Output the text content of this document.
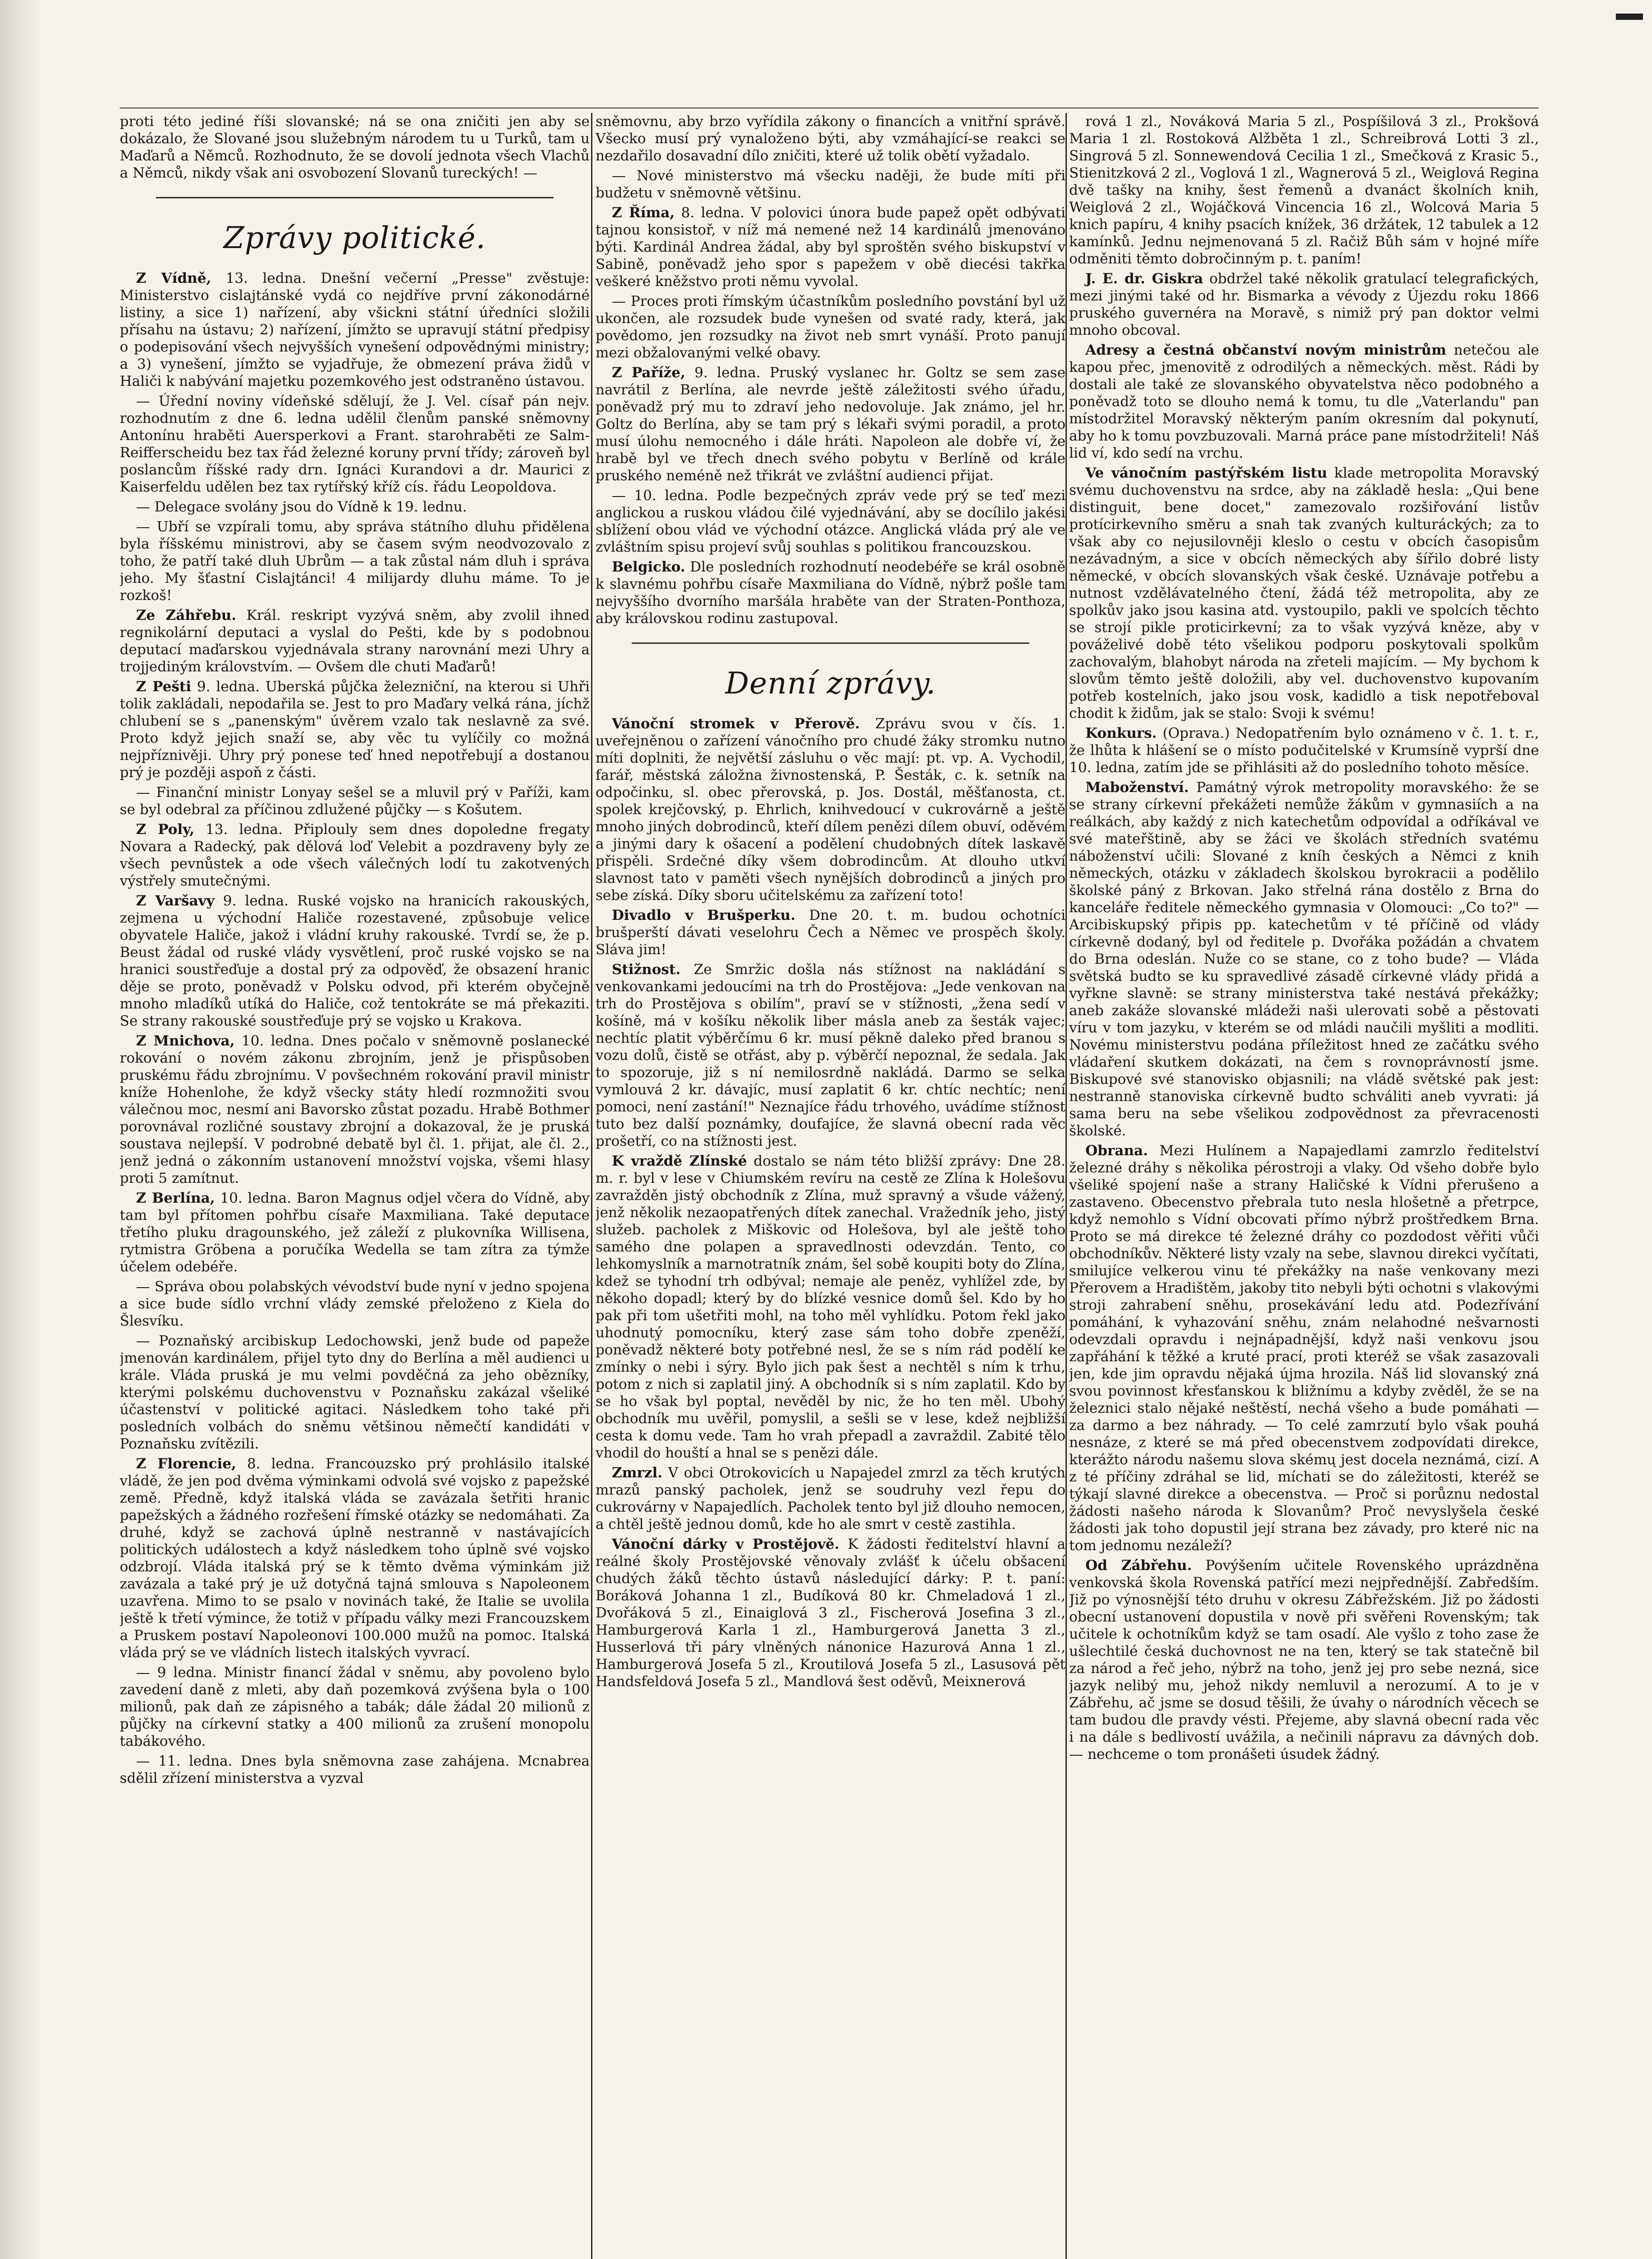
proti této jediné říši slovanské; ná se ona zničiti jen aby se dokázalo, že Slované jsou služebným národem tu u Turků, tam u Maďarů a Němců. Rozhodnuto, že se dovolí jednota všech Vlachů a Němců, nikdy však ani osvobození Slovanů tureckých! —

Zprávy politické.

Z Vídně, 13. ledna. Dnešní večerní „Presse" zvěstuje: Ministerstvo cislajtánské vydá co nejdříve první zákonodárné listiny, a sice 1) nařízení, aby všickni státní úředníci složili přísahu na ústavu; 2) nařízení, jímžto se upravují státní předpisy o podepisování všech nejvyšších vynešení odpovědnými ministry; a 3) vynešení, jímžto se vyjadřuje, že obmezení práva židů v Haliči k nabývání majetku pozemkového jest odstraněno ústavou.

— Úřední noviny vídeňské sdělují, že J. Vel. císař pán nejv. rozhodnutím z dne 6. ledna udělil členům panské sněmovny Antonínu hraběti Auersperkovi a Frant. starohraběti ze Salm-Reifferscheidu bez tax řád železné koruny první třídy; zároveň byl poslancům říšské rady drn. Ignáci Kurandovi a dr. Maurici z Kaiserfeldu udělen bez tax rytířský kříž cís. řádu Leopoldova.

— Delegace svolány jsou do Vídně k 19. lednu.

— Ubří se vzpírali tomu, aby správa státního dluhu přidělena byla říšskému ministrovi, aby se časem svým neodvozovalo z toho, že patří také dluh Ubrům — a tak zůstal nám dluh i správa jeho. My šťastní Cislajtánci! 4 milijardy dluhu máme. To je rozkoš!

Ze Záhřebu. Král. reskript vyzývá sněm, aby zvolil ihned regnikolární deputaci a vyslal do Pešti, kde by s podobnou deputací maďarskou vyjednávala strany narovnání mezi Uhry a trojjediným královstvím. — Ovšem dle chuti Maďarů!

Z Pešti 9. ledna. Uberská půjčka železniční, na kterou si Uhři tolik zakládali, nepodařila se. Jest to pro Maďary velká rána, jíchž chlubení se s „panenským" úvěrem vzalo tak neslavně za své. Proto když jejich snaží se, aby věc tu vylíčily co možná nejpříznivěji. Uhry prý ponese teď hned nepotřebují a dostanou prý je později aspoň z části.

— Finanční ministr Lonyay sešel se a mluvil prý v Paříži, kam se byl odebral za příčinou zdlužené půjčky — s Košutem.

Z Poly, 13. ledna. Připlouly sem dnes dopoledne fregaty Novara a Radecký, pak dělová loď Velebit a pozdraveny byly ze všech pevnůstek a ode všech válečných lodí tu zakotvených výstřely smutečnými.

Z Varšavy 9. ledna. Ruské vojsko na hranicích rakouských, zejmena u východní Haliče rozestavené, způsobuje velice obyvatele Haliče, jakož i vládní kruhy rakouské. Tvrdí se, že p. Beust žádal od ruské vlády vysvětlení, proč ruské vojsko se na hranici soustřeďuje a dostal prý za odpověď, že obsazení hranic děje se proto, poněvadž v Polsku odvod, při kterém obyčejně mnoho mladíků utíká do Haliče, což tentokráte se má překaziti. Se strany rakouské soustřeďuje prý se vojsko u Krakova.

Z Mnichova, 10. ledna. Dnes počalo v sněmovně poslanecké rokování o novém zákonu zbrojním, jenž je přispůsoben pruskému řádu zbrojnímu. V povšechném rokování pravil ministr kníže Hohenlohe, že když všecky státy hledí rozmnožiti svou válečnou moc, nesmí ani Bavorsko zůstat pozadu. Hrabě Bothmer porovnával rozličné soustavy zbrojní a dokazoval, že je pruská soustava nejlepší. V podrobné debatě byl čl. 1. přijat, ale čl. 2., jenž jedná o zákonním ustanovení množství vojska, všemi hlasy proti 5 zamítnut.

Z Berlína, 10. ledna. Baron Magnus odjel včera do Vídně, aby tam byl přítomen pohřbu císaře Maxmiliana. Také deputace třetího pluku dragounského, jež záleží z plukovníka Willisena, rytmistra Gröbena a poručíka Wedella se tam zítra za týmže účelem odebéře.

— Správa obou polabských vévodství bude nyní v jedno spojena a sice bude sídlo vrchní vlády zemské přeloženo z Kiela do Šlesvíku.

— Poznaňský arcibiskup Ledochowski, jenž bude od papeže jmenován kardinálem, přijel tyto dny do Berlína a měl audienci u krále. Vláda pruská je mu velmi povděčná za jeho obězníky, kterými polskému duchovenstvu v Poznaňsku zakázal všeliké účastenství v politické agitaci. Následkem toho také při posledních volbách do sněmu většinou němečtí kandidáti v Poznaňsku zvítězili.

Z Florencie, 8. ledna. Francouzsko prý prohlásilo italské vládě, že jen pod dvěma výminkami odvolá své vojsko z papežské země. Předně, když italská vláda se zavázala šetřiti hranic papežských a žádného rozřešení římské otázky se nedomáhati. Za druhé, když se zachová úplně nestranně v nastávajících politických událostech a když následkem toho úplně své vojsko odzbrojí. Vláda italská prý se k těmto dvěma výminkám již zavázala a také prý je už dotyčná tajná smlouva s Napoleonem uzavřena. Mimo to se psalo v novinách také, že Italie se uvolila ještě k třetí výmince, že totiž v případu války mezi Francouzskem a Pruskem postaví Napoleonovi 100.000 mužů na pomoc. Italská vláda prý se ve vládních listech italských vyvrací.

— 9 ledna. Ministr financí žádal v sněmu, aby povoleno bylo zavedení daně z mleti, aby daň pozemková zvýšena byla o 100 milionů, pak daň ze zápisného a tabák; dále žádal 20 milionů z půjčky na církevní statky a 400 milionů za zrušení monopolu tabákového.

— 11. ledna. Dnes byla sněmovna zase zahájena. Mcnabrea sdělil zřízení ministerstva a vyzval

sněmovnu, aby brzo vyřídila zákony o financích a vnitřní správě. Všecko musí prý vynaloženo býti, aby vzmáhající-se reakci se nezdařilo dosavadní dílo zničiti, které už tolik obětí vyžadalo.

— Nové ministerstvo má všecku naději, že bude míti při budžetu v sněmovně většinu.

Z Říma, 8. ledna. V polovici února bude papež opět odbývati tajnou konsistoř, v níž má nemené než 14 kardinálů jmenováno býti. Kardinál Andrea žádal, aby byl sproštěn svého biskupství v Sabině, poněvadž jeho spor s papežem v obě diecési takřka veškeré kněžstvo proti němu vyvolal.

— Proces proti římským účastníkům posledního povstání byl už ukončen, ale rozsudek bude vynešen od svaté rady, která, jak povědomo, jen rozsudky na život neb smrt vynáší. Proto panují mezi obžalovanými velké obavy.

Z Paříže, 9. ledna. Pruský vyslanec hr. Goltz se sem zase navrátil z Berlína, ale nevrde ještě záležitosti svého úřadu, poněvadž prý mu to zdraví jeho nedovoluje. Jak známo, jel hr. Goltz do Berlína, aby se tam prý s lékaři svými poradil, a proto musí úlohu nemocného i dále hráti. Napoleon ale dobře ví, že hrabě byl ve třech dnech svého pobytu v Berlíně od krále pruského neméně než třikrát ve zvláštní audienci přijat.

— 10. ledna. Podle bezpečných zpráv vede prý se teď mezi anglickou a ruskou vládou čilé vyjednávání, aby se docílilo jakési sblížení obou vlád ve východní otázce. Anglická vláda prý ale ve zvláštním spisu projeví svůj souhlas s politikou francouzskou.

Belgicko. Dle posledních rozhodnutí neodebéře se král osobně k slavnému pohřbu císaře Maxmiliana do Vídně, nýbrž pošle tam nejvyššího dvorního maršála hraběte van der Straten-Ponthoza, aby královskou rodinu zastupoval.

Denní zprávy.

Vánoční stromek v Přerově. Zprávu svou v čís. 1. uveřejněnou o zařízení vánočního pro chudé žáky stromku nutno míti doplniti, že největší zásluhu o věc mají: pt. vp. A. Vychodil, farář, městská záložna živnostenská, P. Šesták, c. k. setník na odpočinku, sl. obec přerovská, p. Jos. Dostál, měšťanosta, ct. spolek krejčovský, p. Ehrlich, knihvedoucí v cukrovárně a ještě mnoho jiných dobrodinců, kteří dílem penězi dílem obuví, oděvém a jinými dary k ošacení a podělení chudobných dítek laskavě přispěli. Srdečné díky všem dobrodincům. At dlouho utkví slavnost tato v paměti všech nynějších dobrodinců a jiných pro sebe získá. Díky sboru učitelskému za zařízení toto!

Divadlo v Brušperku. Dne 20. t. m. budou ochotníci brušperští dávati veselohru Čech a Němec ve prospěch školy. Sláva jim!

Stižnost. Ze Smržic došla nás stížnost na nakládání s venkovankami jedoucími na trh do Prostějova: „Jede venkovan na trh do Prostějova s obilím", praví se v stížnosti, „žena sedí v košíně, má v košíku několik liber másla aneb za šesták vajec; nechtíc platit výběrčímu 6 kr. musí pěkně daleko před branou s vozu dolů, čistě se otřást, aby p. výběrčí nepoznal, že sedala. Jak to spozoruje, již s ní nemilosrdně nakládá. Darmo se selka vymlouvá 2 kr. dávajíc, musí zaplatit 6 kr. chtíc nechtíc; není pomoci, není zastání!" Neznajíce řádu trhového, uvádíme stížnost tuto bez další poznámky, doufajíce, že slavná obecní rada věc prošetří, co na stížnosti jest.

K vraždě Zlínské dostalo se nám této bližší zprávy: Dne 28. m. r. byl v lese v Chiumském revíru na cestě ze Zlína k Holešovu zavražděn jistý obchodník z Zlína, muž spravný a všude vážený, jenž několik nezaopatřených dítek zanechal. Vražedník jeho, jistý služeb. pacholek z Miškovic od Holešova, byl ale ještě toho samého dne polapen a spravedlnosti odevzdán. Tento, co lehkomyslník a marnotratník znám, šel sobě koupiti boty do Zlína, kdež se tyhodní trh odbýval; nemaje ale peněz, vyhlížel zde, by někoho dopadl; který by do blízké vesnice domů šel. Kdo by ho pak při tom ušetřiti mohl, na toho měl vyhlídku. Potom řekl jako uhodnutý pomocníku, který zase sám toho dobře zpeněží, poněvadž některé boty potřebné nesl, že se s ním rád podělí ke zmínky o nebi i sýry. Bylo jich pak šest a nechtěl s ním k trhu, potom z nich si zaplatil jiný. A obchodník si s ním zaplatil. Kdo by se ho však byl poptal, nevěděl by nic, že ho ten měl. Ubohý obchodník mu uvěřil, pomyslil, a sešli se v lese, kdež nejbližší cesta k domu vede. Tam ho vrah přepadl a zavraždil. Zabité tělo vhodil do houští a hnal se s penězi dále.

Zmrzl. V obci Otrokovicích u Napajedel zmrzl za těch krutých mrazů panský pacholek, jenž se soudruhy vezl řepu do cukrovárny v Napajedlích. Pacholek tento byl již dlouho nemocen, a chtěl ještě jednou domů, kde ho ale smrt v cestě zastihla.

Vánoční dárky v Prostějově. K žádosti ředitelství hlavní a reálné školy Prostějovské věnovaly zvlášť k účelu obšacení chudých žáků těchto ústavů následující dárky: P. t. paní: Boráková Johanna 1 zl., Budíková 80 kr. Chmeladová 1 zl., Dvořáková 5 zl., Einaiglová 3 zl., Fischerová Josefina 3 zl., Hamburgerová Karla 1 zl., Hamburgerová Janetta 3 zl., Husserlová tři páry vlněných nánonice Hazurová Anna 1 zl., Hamburgerová Josefa 5 zl., Kroutilová Josefa 5 zl., Lasusová pět Handsfeldová Josefa 5 zl., Mandlová šest oděvů, Meixnerová

rová 1 zl., Nováková Maria 5 zl., Pospíšilová 3 zl., Prokšová Maria 1 zl. Rostoková Alžběta 1 zl., Schreibrová Lotti 3 zl., Singrová 5 zl. Sonnewendová Cecilia 1 zl., Smečková z Krasic 5., Stienitzková 2 zl., Voglová 1 zl., Wagnerová 5 zl., Weiglová Regina dvě tašky na knihy, šest řemenů a dvanáct školních knih, Weiglová 2 zl., Wojáčková Vincencia 16 zl., Wolcová Maria 5 knich papíru, 4 knihy psacích knížek, 36 držátek, 12 tabulek a 12 kamínků. Jednu nejmenovaná 5 zl. Račiž Bůh sám v hojné míře odměniti těmto dobročinným p. t. paním!

J. E. dr. Giskra obdržel také několik gratulací telegrafických, mezi jinými také od hr. Bismarka a vévody z Újezdu roku 1866 pruského guvernéra na Moravě, s nimiž prý pan doktor velmi mnoho obcoval.

Adresy a čestná občanství novým ministrům netečou ale kapou přec, jmenovitě z odrodilých a německých. měst. Rádi by dostali ale také ze slovanského obyvatelstva něco podobného a poněvadž toto se dlouho nemá k tomu, tu dle „Vaterlandu" pan místodržitel Moravský některým paním okresním dal pokynutí, aby ho k tomu povzbuzovali. Marná práce pane místodržiteli! Náš lid ví, kdo sedí na vrchu.

Ve vánočním pastýřském listu klade metropolita Moravský svému duchovenstvu na srdce, aby na základě hesla: „Qui bene distinguit, bene docet," zamezovalo rozšiřování listův protícirkevního směru a snah tak zvaných kulturáckých; za to však aby co nejusilovněji kleslo o cestu v obcích časopisům nezávadným, a sice v obcích německých aby šířilo dobré listy německé, v obcích slovanských však české. Uznávaje potřebu a nutnost vzdělávatelného čtení, žádá též metropolita, aby ze spolkův jako jsou kasina atd. vystoupilo, pakli ve spolcích těchto se strojí pikle proticirkevní; za to však vyzývá kněze, aby v pováželivé době této všelikou podporu poskytovali spolkům zachovalým, blahobyt národa na zřeteli majícím. — My bychom k slovům těmto ještě doložili, aby vel. duchovenstvo kupovaním potřeb kostelních, jako jsou vosk, kadidlo a tisk nepotřeboval chodit k židům, jak se stalo: Svoji k svému!

Konkurs. (Oprava.) Nedopatřením bylo oznámeno v č. 1. t. r., že lhůta k hlášení se o místo podučitelské v Krumsíně vyprší dne 10. ledna, zatím jde se přihlásiti až do posledního tohoto měsíce.

Maboženství. Památný výrok metropolity moravského: že se se strany církevní překážeti nemůže žákům v gymnasiích a na reálkách, aby každý z nich katechetům odpovídal a odříkával ve své mateřštině, aby se žáci ve školách středních svatému náboženství učili: Slované z kníh českých a Němci z knih německých, otázku v základech školskou byrokracii a podělilo školské páný z Brkovan. Jako střelná rána dostělo z Brna do kanceláře ředitele německého gymnasia v Olomouci: „Co to?" — Arcibiskupský připis pp. katechetům v té příčině od vlády církevně dodaný, byl od ředitele p. Dvořáka požádán a chvatem do Brna odeslán. Nuže co se stane, co z toho bude? — Vláda světská budto se ku spravedlivé zásadě církevné vlády přidá a vyřkne slavně: se strany ministerstva také nestává překážky; aneb zakáže slovanské mládeži naši ulerovati sobě a pěstovati víru v tom jazyku, v kterém se od mládi naučili myšliti a modliti. Novému ministerstvu podána příležitost hned ze začátku svého vládaření skutkem dokázati, na čem s rovnoprávností jsme. Biskupové své stanovisko objasnili; na vládě světské pak jest: nestranně stanoviska církevně budto schváliti aneb vyvrati: já sama beru na sebe všelikou zodpovědnost za převracenosti školské.

Obrana. Mezi Hulínem a Napajedlami zamrzlo ředitelství železné dráhy s několika pérostroji a vlaky. Od všeho dobře bylo všeliké spojení naše a strany Haličské k Vídni přerušeno a zastaveno. Obecenstvo přebrala tuto nesla hlošetně a přetrpce, když nemohlo s Vídní obcovati přímo nýbrž proštředkem Brna. Proto se má direkce té železné dráhy co pozdodost věřiti vůči obchodníkův. Některé listy vzaly na sebe, slavnou direkci vyčítati, smilujíce velkerou vinu té překážky na naše venkovany mezi Přerovem a Hradištěm, jakoby tito nebyli býti ochotni s vlakovými stroji zahrabení sněhu, prosekávání ledu atd. Podezřívání pomáhání, k vyhazování sněhu, znám nelahodné nešvarnosti odevzdali opravdu i nejnápadnější, když naši venkovu jsou zapřáhání k těžké a kruté prací, proti kteréž se však zasazovali jen, kde jim opravdu nějaká újma hrozila. Náš lid slovanský zná svou povinnost křesťanskou k bližnímu a kdyby zvěděl, že se na železnici stalo nějaké neštěstí, nechá všeho a bude pomáhati — za darmo a bez náhrady. — To celé zamrzutí bylo však pouhá nesnáze, z které se má před obecenstvem zodpovídati direkce, kterážto národu našemu slova skémų jest docela neznámá, cizí. A z té příčiny zdráhal se lid, míchati se do záležitosti, kteréž se týkají slavné direkce a obecenstva. — Proč si porůznu nedostal žádosti našeho národa k Slovanům? Proč nevyslyšela české žádosti jak toho dopustil její strana bez závady, pro které nic na tom jednomu nezáleží?

Od Zábřehu. Povýšením učitele Rovenského uprázdněna venkovská škola Rovenská patřící mezi nejpřednější. Zabředším. Již po výnosnější této druhu v okresu Zábřežském. Již po žádosti obecní ustanovení dopustila v nově při svěřeni Rovenským; tak učitele k ochotníkům když se tam osadí. Ale vyšlo z toho zase že ušlechtilé česká duchovnost ne na ten, který se tak statečně bil za národ a řeč jeho, nýbrž na toho, jenž jej pro sebe nezná, sice jazyk nelibý mu, jehož nikdy nemluvil a nerozumí. A to je v Zábřehu, ač jsme se dosud těšili, že úvahy o národních věcech se tam budou dle pravdy vésti. Přejeme, aby slavná obecní rada věc i na dále s bedlivostí uvážila, a nečinili nápravu za dávných dob. — nechceme o tom pronášeti úsudek žádný.
